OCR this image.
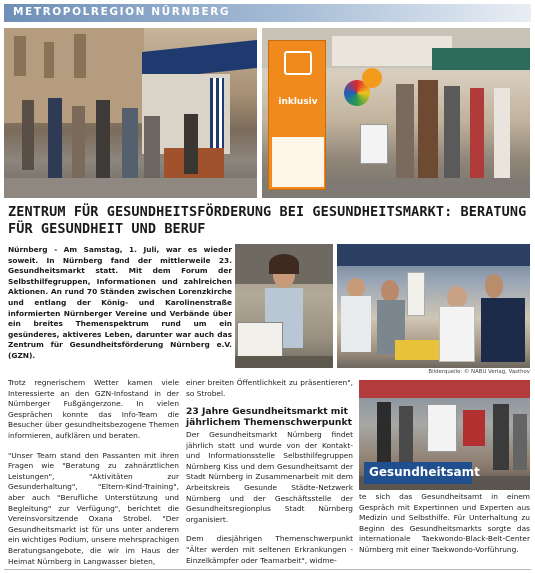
METROPOLREGION NÜRNBERG
inklusiv
ZENTRUM FÜR GESUNDHEITSFÖRDERUNG BEI GESUNDHEITSMARKT: BERATUNG FÜR GESUNDHEIT UND BERUF
Nürnberg - Am Samstag, 1. Juli, war es wieder soweit. In Nürnberg fand der mittlerweile 23. Gesundheitsmarkt statt. Mit dem Forum der Selbsthilfegruppen, Informationen und zahlreichen Aktionen. An rund 70 Ständen zwischen Lorenzkirche und entlang der König- und Karolinenstraße informierten Nürnberger Vereine und Verbände über ein breites Themenspektrum rund um ein gesünderes, aktiveres Leben, darunter war auch das Zentrum für Gesundheitsförderung Nürnberg e.V. (GZN).
Bilderquelle: © NABU Verlag, Vasthov

Trotz regnerischem Wetter kamen viele Interessierte an den GZN-Infostand in der Nürnberger Fußgängerzone. In vielen Gesprächen konnte das Info-Team die Besucher über gesundheitsbezogene Themen informieren, aufklären und beraten.

"Unser Team stand den Passanten mit ihren Fragen wie "Beratung zu zahnärztlichen Leistungen", "Aktivitäten zur Gesunderhaltung", "Eltern-Kind-Training", aber auch "Berufliche Unterstützung und Begleitung" zur Verfügung", berichtet die Vereinsvorsitzende Oxana Strobel. "Der Gesundheitsmarkt ist für uns unter anderem ein wichtiges Podium, unsere mehrsprachigen Beratungsangebote, die wir im Haus der Heimat Nürnberg in Langwasser bieten,

einer breiten Öffentlichkeit zu präsentieren", so Strobel.

23 Jahre Gesundheitsmarkt mit jährlichem Themenschwerpunkt

Der Gesundheitsmarkt Nürnberg findet jährlich statt und wurde von der Kontakt- und Informationsstelle Selbsthilfegruppen Nürnberg Kiss und dem Gesundheitsamt der Stadt Nürnberg in Zusammenarbeit mit dem Arbeitskreis Gesunde Städte-Netzwerk Nürnberg und der Geschäftsstelle der Gesundheitsregionplus Stadt Nürnberg organisiert.

Dem diesjährigen Themenschwerpunkt "Älter werden mit seltenen Erkrankungen - Einzelkämpfer oder Teamarbeit", widme-

Gesundheitsamt

te sich das Gesundheitsamt in einem Gespräch mit Expertinnen und Experten aus Medizin und Selbsthilfe. Für Unterhaltung zu Beginn des Gesundheitsmarkts sorgte das internationale Taekwondo-Black-Belt-Center Nürnberg mit einer Taekwondo-Vorführung.
